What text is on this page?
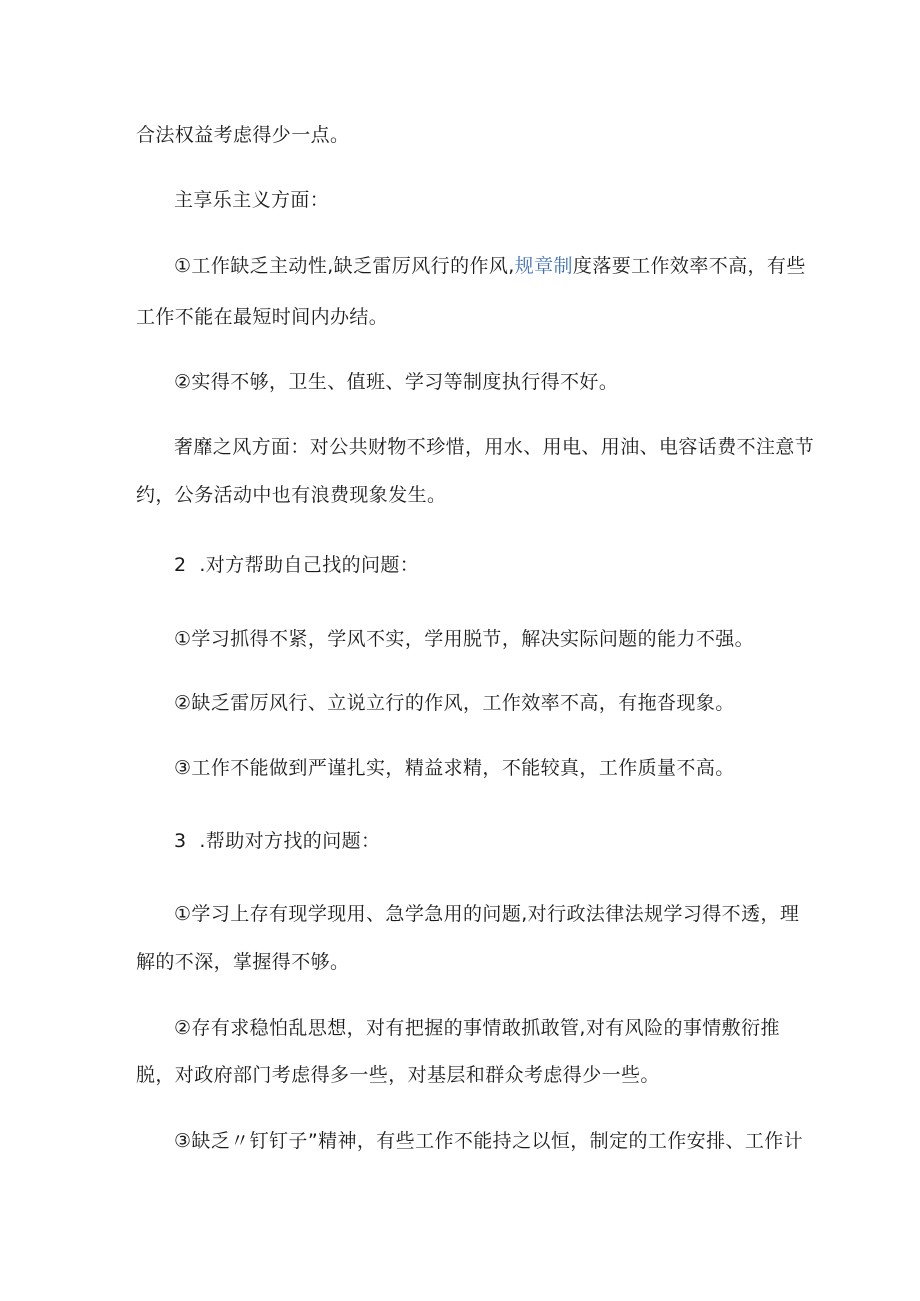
合法权益考虑得少一点。

主享乐主义方面：

①工作缺乏主动性,缺乏雷厉风行的作风,规章制度落要工作效率不高，有些

工作不能在最短时间内办结。

②实得不够，卫生、值班、学习等制度执行得不好。

奢靡之风方面：对公共财物不珍惜，用水、用电、用油、电容话费不注意节

约，公务活动中也有浪费现象发生。

2  .对方帮助自己找的问题：

①学习抓得不紧，学风不实，学用脱节，解决实际问题的能力不强。

②缺乏雷厉风行、立说立行的作风，工作效率不高，有拖沓现象。

③工作不能做到严谨扎实，精益求精，不能较真，工作质量不高。

3  .帮助对方找的问题：

①学习上存有现学现用、急学急用的问题,对行政法律法规学习得不透，理

解的不深，掌握得不够。

②存有求稳怕乱思想，对有把握的事情敢抓敢管,对有风险的事情敷衍推

脱，对政府部门考虑得多一些，对基层和群众考虑得少一些。

③缺乏〃钉钉子”精神，有些工作不能持之以恒，制定的工作安排、工作计
